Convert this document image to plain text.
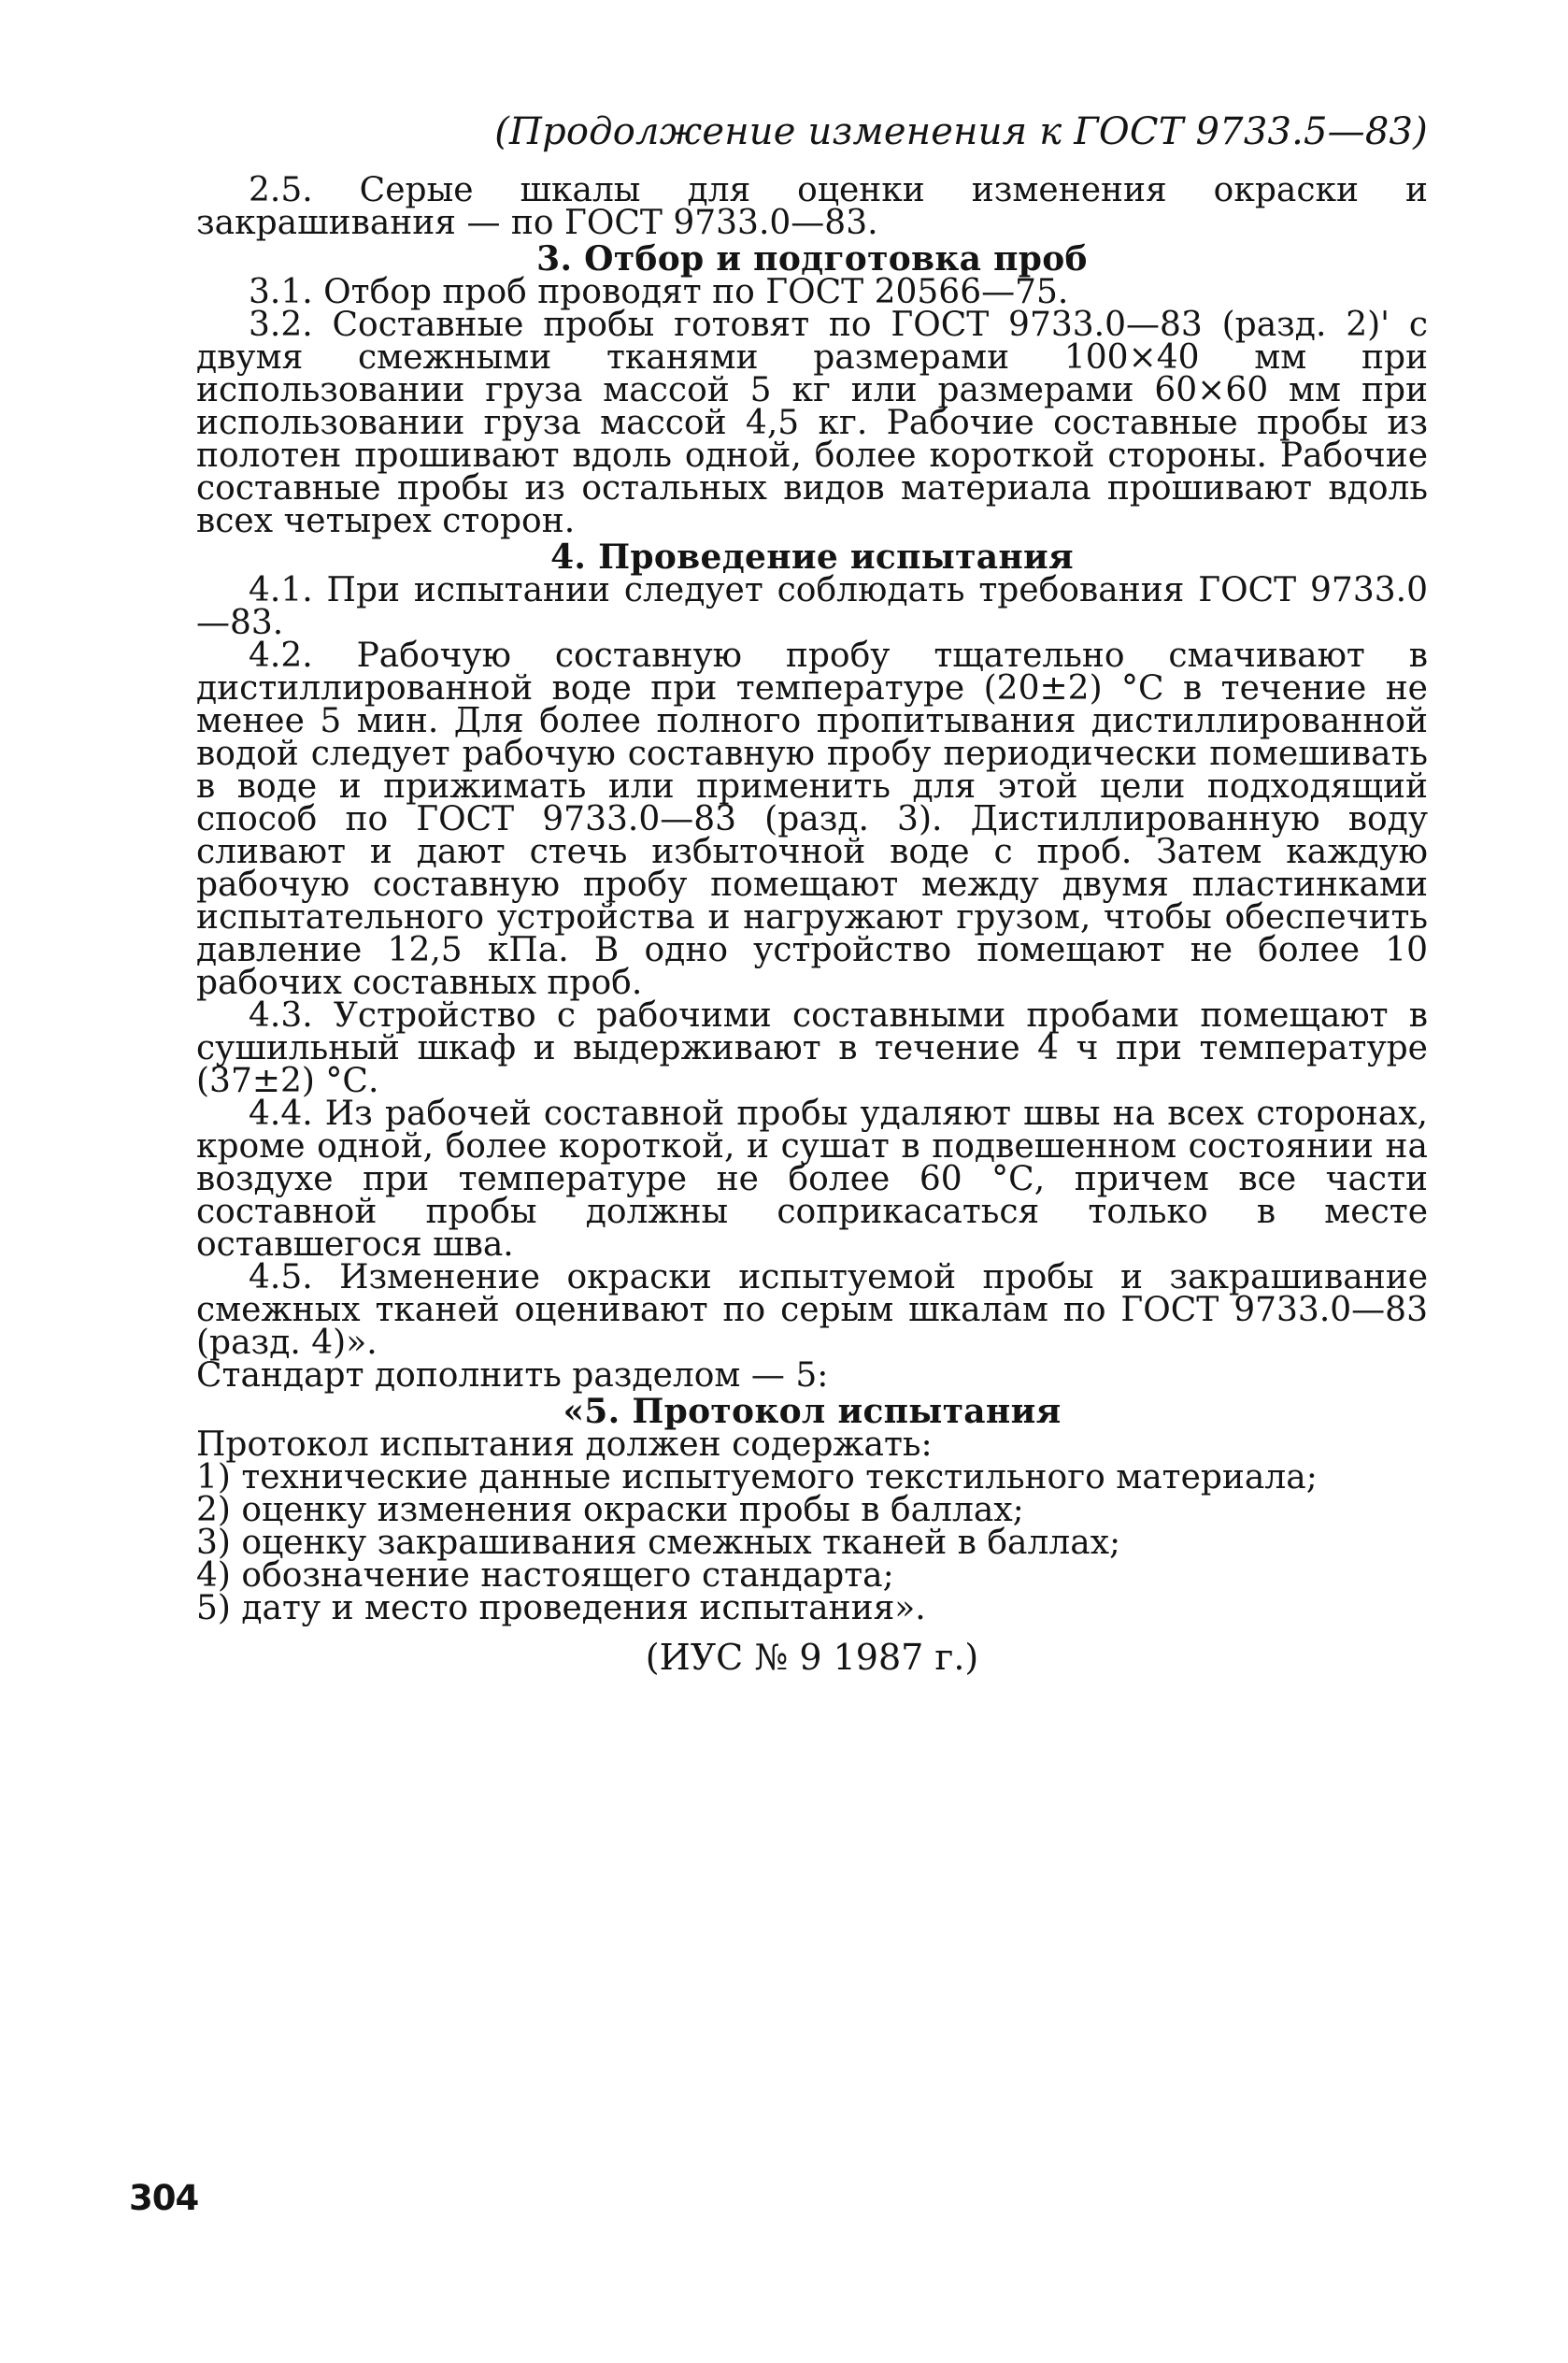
(Продолжение изменения к ГОСТ 9733.5—83)

2.5. Серые шкалы для оценки изменения окраски и закрашивания — по ГОСТ 9733.0—83.

3. Отбор и подготовка проб

3.1. Отбор проб проводят по ГОСТ 20566—75.

3.2. Составные пробы готовят по ГОСТ 9733.0—83 (разд. 2)' с двумя смежными тканями размерами 100×40 мм при использовании груза массой 5 кг или размерами 60×60 мм при использовании груза массой 4,5 кг. Рабочие составные пробы из полотен прошивают вдоль одной, более короткой стороны. Рабочие составные пробы из остальных видов материала прошивают вдоль всех четырех сторон.

4. Проведение испытания

4.1. При испытании следует соблюдать требования ГОСТ 9733.0—83.

4.2. Рабочую составную пробу тщательно смачивают в дистиллированной воде при температуре (20±2) °С в течение не менее 5 мин. Для более полного пропитывания дистиллированной водой следует рабочую составную пробу периодически помешивать в воде и прижимать или применить для этой цели подходящий способ по ГОСТ 9733.0—83 (разд. 3). Дистиллированную воду сливают и дают стечь избыточной воде с проб. Затем каждую рабочую составную пробу помещают между двумя пластинками испытательного устройства и нагружают грузом, чтобы обеспечить давление 12,5 кПа. В одно устройство помещают не более 10 рабочих составных проб.

4.3. Устройство с рабочими составными пробами помещают в сушильный шкаф и выдерживают в течение 4 ч при температуре (37±2) °С.

4.4. Из рабочей составной пробы удаляют швы на всех сторонах, кроме одной, более короткой, и сушат в подвешенном состоянии на воздухе при температуре не более 60 °С, причем все части составной пробы должны соприкасаться только в месте оставшегося шва.

4.5. Изменение окраски испытуемой пробы и закрашивание смежных тканей оценивают по серым шкалам по ГОСТ 9733.0—83 (разд. 4)».

Стандарт дополнить разделом — 5:

«5. Протокол испытания

Протокол испытания должен содержать:

1) технические данные испытуемого текстильного материала;

2) оценку изменения окраски пробы в баллах;

3) оценку закрашивания смежных тканей в баллах;

4) обозначение настоящего стандарта;

5) дату и место проведения испытания».

(ИУС № 9 1987 г.)
304
